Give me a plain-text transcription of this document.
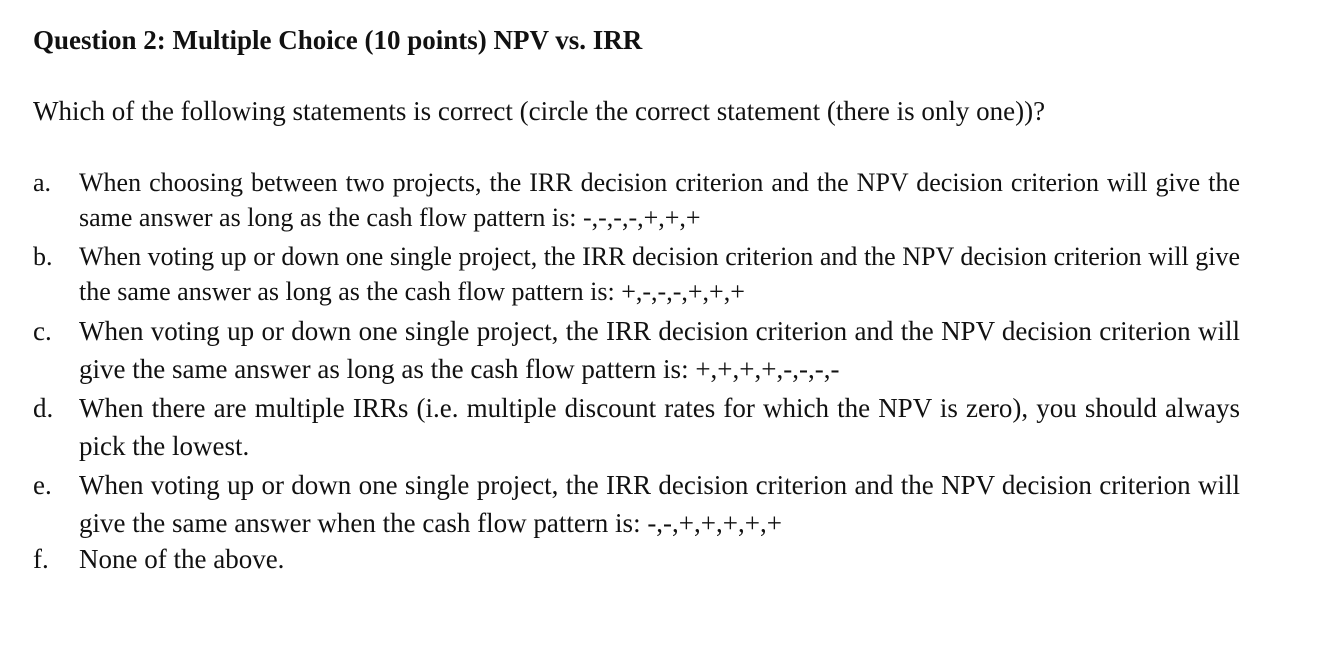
Question 2: Multiple Choice (10 points) NPV vs. IRR
Which of the following statements is correct (circle the correct statement (there is only one))?
a. When choosing between two projects, the IRR decision criterion and the NPV decision criterion will give the same answer as long as the cash flow pattern is: -,-,-,-,+,+,+
b. When voting up or down one single project, the IRR decision criterion and the NPV decision criterion will give the same answer as long as the cash flow pattern is: +,-,-,-,+,+,+
c. When voting up or down one single project, the IRR decision criterion and the NPV decision criterion will give the same answer as long as the cash flow pattern is: +,+,+,+,-,-,-,-
d. When there are multiple IRRs (i.e. multiple discount rates for which the NPV is zero), you should always pick the lowest.
e. When voting up or down one single project, the IRR decision criterion and the NPV decision criterion will give the same answer when the cash flow pattern is: -,-,+,+,+,+,+
f. None of the above.
